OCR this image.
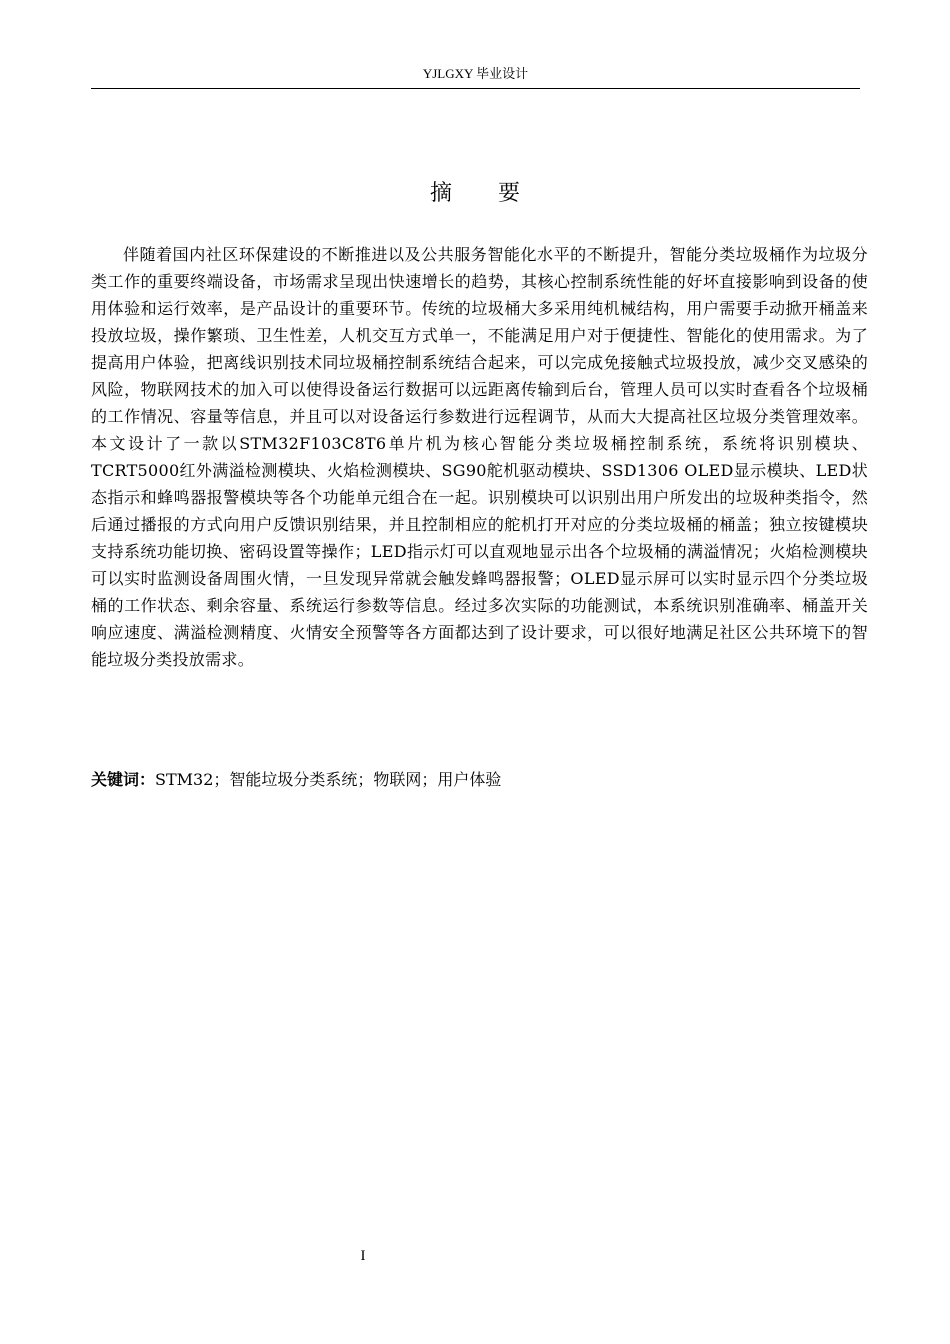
YJLGXY 毕业设计
摘要

伴随着国内社区环保建设的不断推进以及公共服务智能化水平的不断提升，智能分类垃圾桶作为垃圾分类工作的重要终端设备，市场需求呈现出快速增长的趋势，其核心控制系统性能的好坏直接影响到设备的使用体验和运行效率，是产品设计的重要环节。传统的垃圾桶大多采用纯机械结构，用户需要手动掀开桶盖来投放垃圾，操作繁琐、卫生性差，人机交互方式单一，不能满足用户对于便捷性、智能化的使用需求。为了提高用户体验，把离线识别技术同垃圾桶控制系统结合起来，可以完成免接触式垃圾投放，减少交叉感染的风险，物联网技术的加入可以使得设备运行数据可以远距离传输到后台，管理人员可以实时查看各个垃圾桶的工作情况、容量等信息，并且可以对设备运行参数进行远程调节，从而大大提高社区垃圾分类管理效率。本文设计了一款以STM32F103C8T6单片机为核心智能分类垃圾桶控制系统，系统将识别模块、TCRT5000红外满溢检测模块、火焰检测模块、SG90舵机驱动模块、SSD1306 OLED显示模块、LED状态指示和蜂鸣器报警模块等各个功能单元组合在一起。识别模块可以识别出用户所发出的垃圾种类指令，然后通过播报的方式向用户反馈识别结果，并且控制相应的舵机打开对应的分类垃圾桶的桶盖；独立按键模块支持系统功能切换、密码设置等操作；LED指示灯可以直观地显示出各个垃圾桶的满溢情况；火焰检测模块可以实时监测设备周围火情，一旦发现异常就会触发蜂鸣器报警；OLED显示屏可以实时显示四个分类垃圾桶的工作状态、剩余容量、系统运行参数等信息。经过多次实际的功能测试，本系统识别准确率、桶盖开关响应速度、满溢检测精度、火情安全预警等各方面都达到了设计要求，可以很好地满足社区公共环境下的智能垃圾分类投放需求。

关键词：STM32；智能垃圾分类系统；物联网；用户体验
I
